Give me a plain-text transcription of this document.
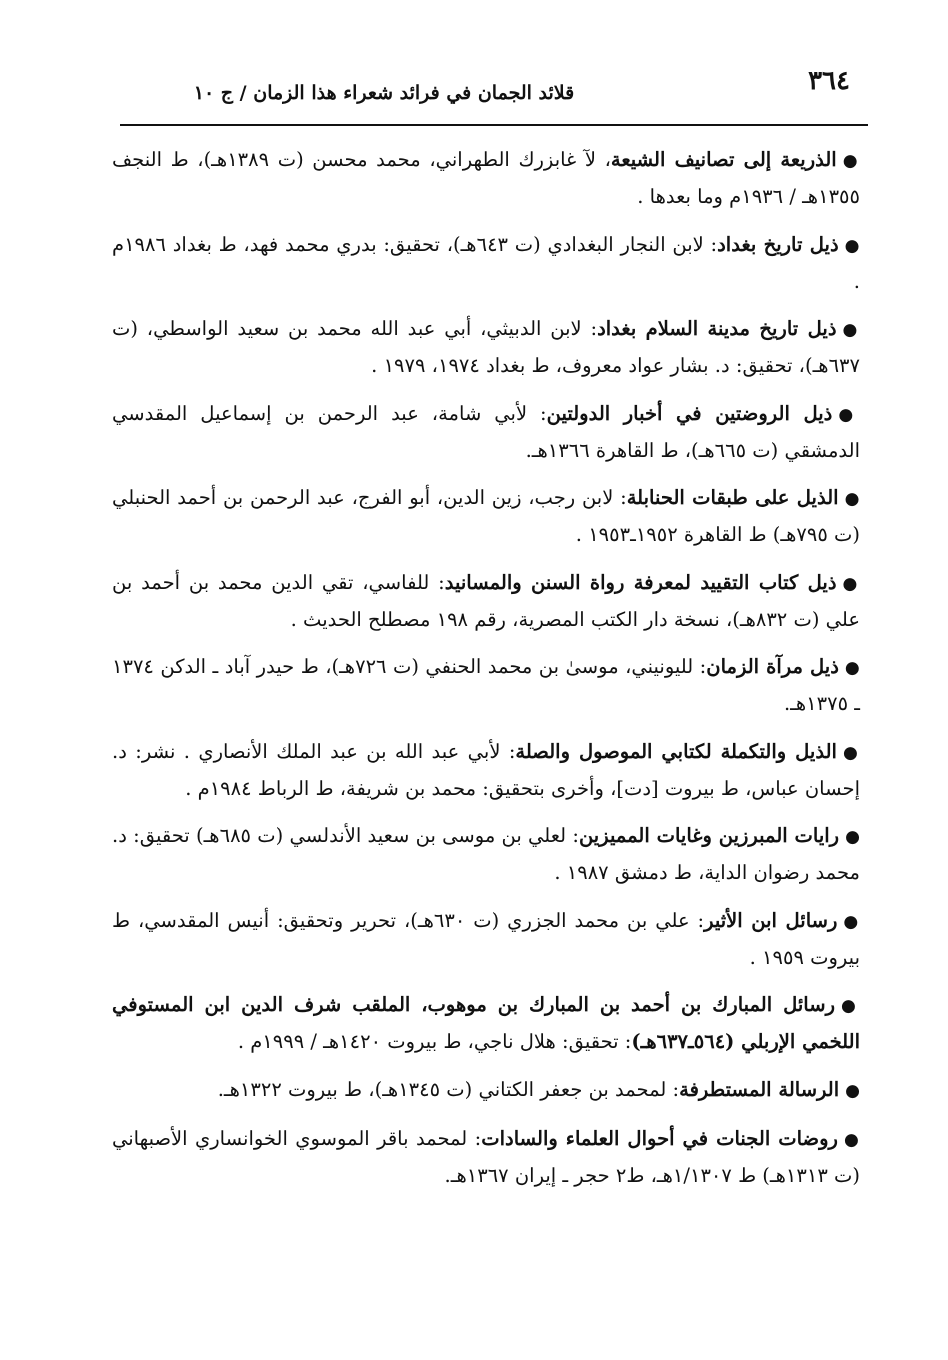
٣٦٤
قلائد الجمان في فرائد شعراء هذا الزمان / ج ١٠

●الذريعة إلى تصانيف الشيعة، لآ غابزرك الطهراني، محمد محسن (ت ١٣٨٩هـ)، ط النجف ١٣٥٥هـ / ١٩٣٦م وما بعدها .

●ذيل تاريخ بغداد: لابن النجار البغدادي (ت ٦٤٣هـ)، تحقيق: بدري محمد فهد، ط بغداد ١٩٨٦م .

●ذيل تاريخ مدينة السلام بغداد: لابن الدبيثي، أبي عبد الله محمد بن سعيد الواسطي، (ت ٦٣٧هـ)، تحقيق: د. بشار عواد معروف، ط بغداد ١٩٧٤، ١٩٧٩ .

●ذيل الروضتين في أخبار الدولتين: لأبي شامة، عبد الرحمن بن إسماعيل المقدسي الدمشقي (ت ٦٦٥هـ)، ط القاهرة ١٣٦٦هـ.

●الذيل على طبقات الحنابلة: لابن رجب، زين الدين، أبو الفرج، عبد الرحمن بن أحمد الحنبلي (ت ٧٩٥هـ) ط القاهرة ١٩٥٢ـ١٩٥٣ .

●ذيل كتاب التقييد لمعرفة رواة السنن والمسانيد: للفاسي، تقي الدين محمد بن أحمد بن علي (ت ٨٣٢هـ)، نسخة دار الكتب المصرية، رقم ١٩٨ مصطلح الحديث .

●ذيل مرآة الزمان: لليونيني، موسىٰ بن محمد الحنفي (ت ٧٢٦هـ)، ط حيدر آباد ـ الدكن ١٣٧٤ ـ ١٣٧٥هـ.

●الذيل والتكملة لكتابي الموصول والصلة: لأبي عبد الله بن عبد الملك الأنصاري . نشر: د. إحسان عباس، ط بيروت [دت]، وأخرى بتحقيق: محمد بن شريفة، ط الرباط ١٩٨٤م .

●رايات المبرزين وغايات المميزين: لعلي بن موسى بن سعيد الأندلسي (ت ٦٨٥هـ) تحقيق: د. محمد رضوان الداية، ط دمشق ١٩٨٧ .

●رسائل ابن الأثير: علي بن محمد الجزري (ت ٦٣٠هـ)، تحرير وتحقيق: أنيس المقدسي، ط بيروت ١٩٥٩ .

●رسائل المبارك بن أحمد بن المبارك بن موهوب، الملقب شرف الدين ابن المستوفي اللخمي الإربلي (٥٦٤ـ٦٣٧هـ): تحقيق: هلال ناجي، ط بيروت ١٤٢٠هـ / ١٩٩٩م .

●الرسالة المستطرفة: لمحمد بن جعفر الكتاني (ت ١٣٤٥هـ)، ط بيروت ١٣٢٢هـ.

●روضات الجنات في أحوال العلماء والسادات: لمحمد باقر الموسوي الخوانساري الأصبهاني (ت ١٣١٣هـ) ط ١/١٣٠٧هـ، ط٢ حجر ـ إيران ١٣٦٧هـ.
